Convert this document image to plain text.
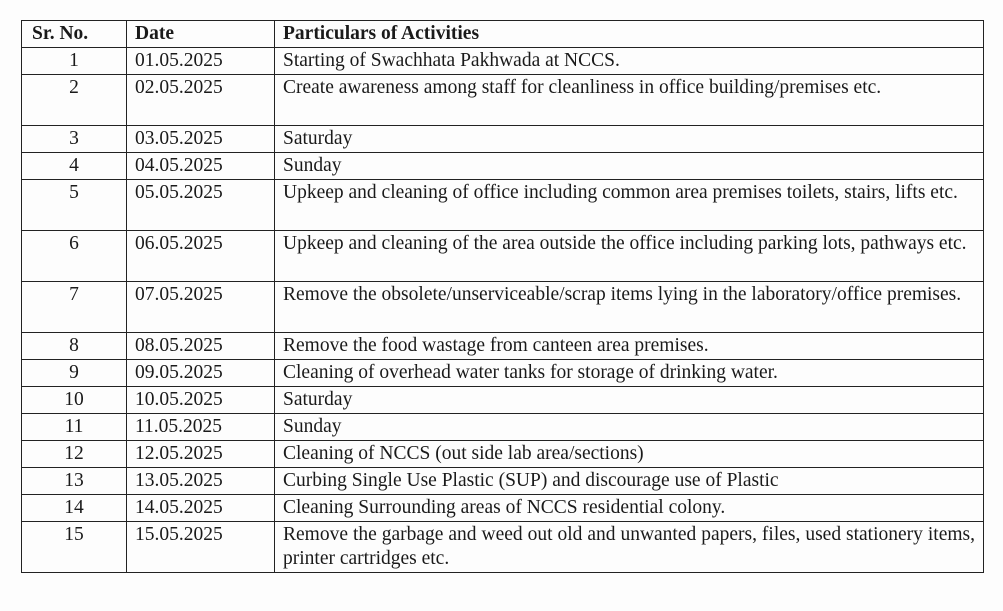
Sr. No.	Date	Particulars of Activities
1	01.05.2025	Starting of Swachhata Pakhwada at NCCS.
2	02.05.2025	Create awareness among staff for cleanliness in office building/premises etc.
3	03.05.2025	Saturday
4	04.05.2025	Sunday
5	05.05.2025	Upkeep and cleaning of office including common area premises toilets, stairs, lifts etc.
6	06.05.2025	Upkeep and cleaning of the area outside the office including parking lots, pathways etc.
7	07.05.2025	Remove the obsolete/unserviceable/scrap items lying in the laboratory/office premises.
8	08.05.2025	Remove the food wastage from canteen area premises.
9	09.05.2025	Cleaning of overhead water tanks for storage of drinking water.
10	10.05.2025	Saturday
11	11.05.2025	Sunday
12	12.05.2025	Cleaning of NCCS (out side lab area/sections)
13	13.05.2025	Curbing Single Use Plastic (SUP) and discourage use of Plastic
14	14.05.2025	Cleaning Surrounding areas of NCCS residential colony.
15	15.05.2025	Remove the garbage and weed out old and unwanted papers, files, used stationery items, printer cartridges etc.
